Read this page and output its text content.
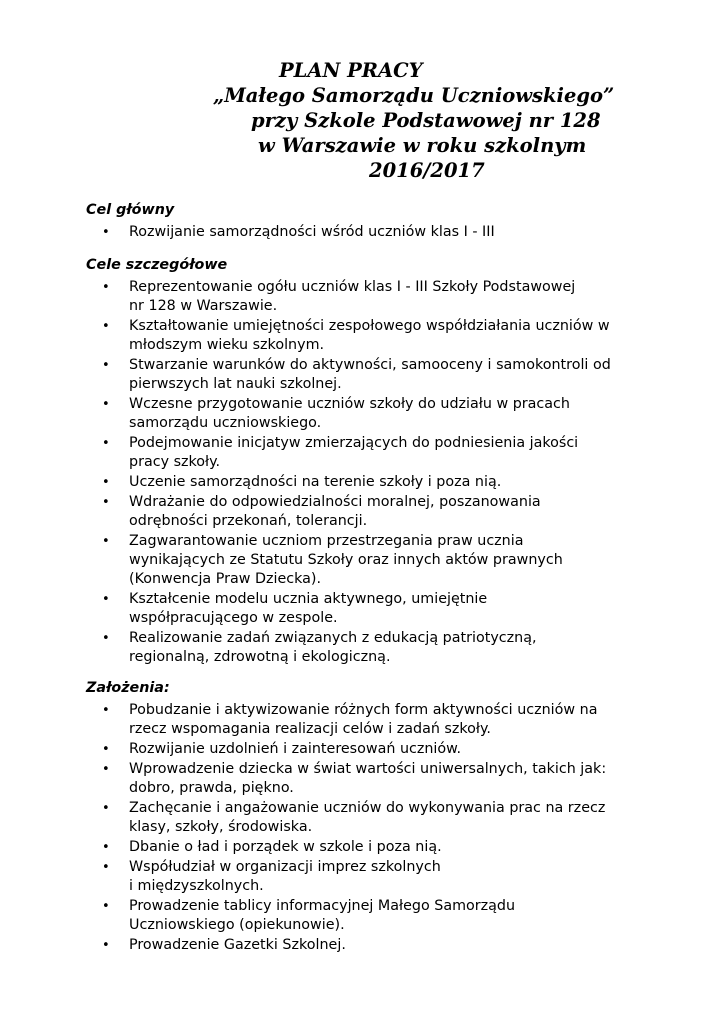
PLAN PRACY
„Małego Samorządu Uczniowskiego”
przy Szkole Podstawowej nr 128
w Warszawie w roku szkolnym
2016/2017
Cel główny
• Rozwijanie samorządności wśród uczniów klas I - III
Cele szczegółowe
• Reprezentowanie ogółu uczniów klas I - III Szkoły Podstawowej
nr 128 w Warszawie.
• Kształtowanie umiejętności zespołowego współdziałania uczniów w
młodszym wieku szkolnym.
• Stwarzanie warunków do aktywności, samooceny i samokontroli od
pierwszych lat nauki szkolnej.
• Wczesne przygotowanie uczniów szkoły do udziału w pracach
samorządu uczniowskiego.
• Podejmowanie inicjatyw zmierzających do podniesienia jakości
pracy szkoły.
• Uczenie samorządności na terenie szkoły i poza nią.
• Wdrażanie do odpowiedzialności moralnej, poszanowania
odrębności przekonań, tolerancji.
• Zagwarantowanie uczniom przestrzegania praw ucznia
wynikających ze Statutu Szkoły oraz innych aktów prawnych
(Konwencja Praw Dziecka).
• Kształcenie modelu ucznia aktywnego, umiejętnie
współpracującego w zespole.
• Realizowanie zadań związanych z edukacją patriotyczną,
regionalną, zdrowotną i ekologiczną.
Założenia:
• Pobudzanie i aktywizowanie różnych form aktywności uczniów na
rzecz wspomagania realizacji celów i zadań szkoły.
• Rozwijanie uzdolnień i zainteresowań uczniów.
• Wprowadzenie dziecka w świat wartości uniwersalnych, takich jak:
dobro, prawda, piękno.
• Zachęcanie i angażowanie uczniów do wykonywania prac na rzecz
klasy, szkoły, środowiska.
• Dbanie o ład i porządek w szkole i poza nią.
• Współudział w organizacji imprez szkolnych
i międzyszkolnych.
• Prowadzenie tablicy informacyjnej Małego Samorządu
Uczniowskiego (opiekunowie).
• Prowadzenie Gazetki Szkolnej.
